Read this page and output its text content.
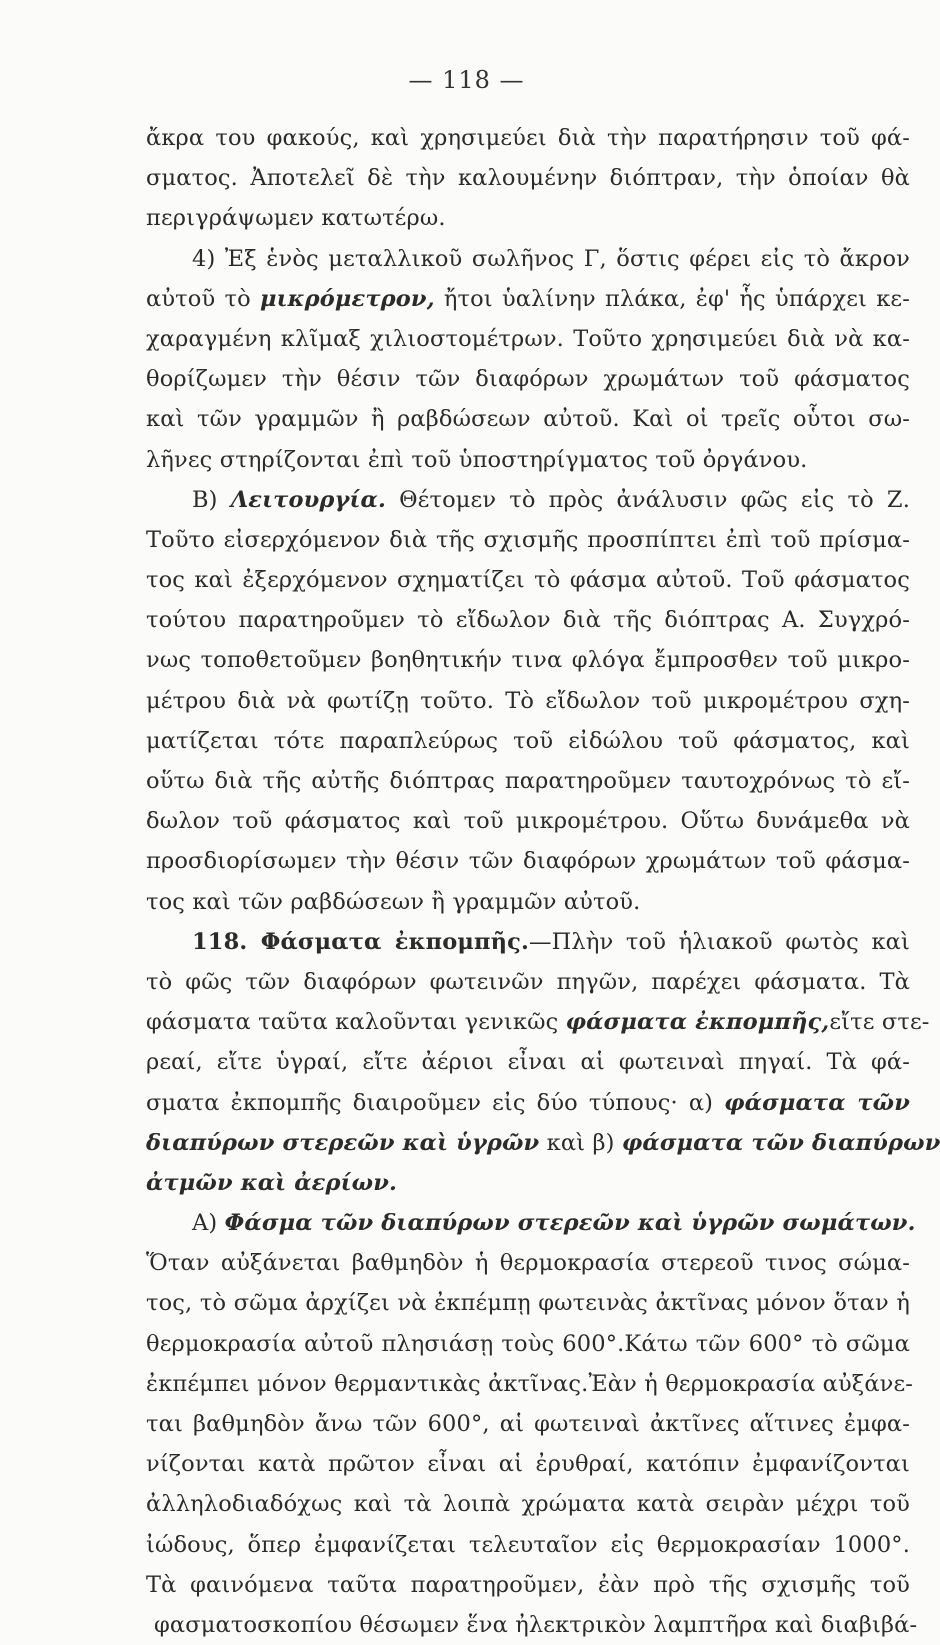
— 118 —
ἄκρα του φακούς, καὶ χρησιμεύει διὰ τὴν παρατήρησιν τοῦ φά-
σματος. Ἀποτελεῖ δὲ τὴν καλουμένην διόπτραν, τὴν ὁποίαν θὰ
περιγράψωμεν κατωτέρω.
4) Ἐξ ἑνὸς μεταλλικοῦ σωλῆνος Γ, ὅστις φέρει εἰς τὸ ἄκρον
αὐτοῦ τὸ μικρόμετρον, ἤτοι ὑαλίνην πλάκα, ἐφ' ἧς ὑπάρχει κε-
χαραγμένη κλῖμαξ χιλιοστομέτρων. Τοῦτο χρησιμεύει διὰ νὰ κα-
θορίζωμεν τὴν θέσιν τῶν διαφόρων χρωμάτων τοῦ φάσματος
καὶ τῶν γραμμῶν ἢ ραβδώσεων αὐτοῦ. Καὶ οἱ τρεῖς οὗτοι σω-
λῆνες στηρίζονται ἐπὶ τοῦ ὑποστηρίγματος τοῦ ὀργάνου.
B) Λειτουργία. Θέτομεν τὸ πρὸς ἀνάλυσιν φῶς εἰς τὸ Ζ.
Τοῦτο εἰσερχόμενον διὰ τῆς σχισμῆς προσπίπτει ἐπὶ τοῦ πρίσμα-
τος καὶ ἐξερχόμενον σχηματίζει τὸ φάσμα αὐτοῦ. Τοῦ φάσματος
τούτου παρατηροῦμεν τὸ εἴδωλον διὰ τῆς διόπτρας Α. Συγχρό-
νως τοποθετοῦμεν βοηθητικήν τινα φλόγα ἔμπροσθεν τοῦ μικρο-
μέτρου διὰ νὰ φωτίζῃ τοῦτο. Τὸ εἴδωλον τοῦ μικρομέτρου σχη-
ματίζεται τότε παραπλεύρως τοῦ εἰδώλου τοῦ φάσματος, καὶ
οὕτω διὰ τῆς αὐτῆς διόπτρας παρατηροῦμεν ταυτοχρόνως τὸ εἴ-
δωλον τοῦ φάσματος καὶ τοῦ μικρομέτρου. Οὕτω δυνάμεθα νὰ
προσδιορίσωμεν τὴν θέσιν τῶν διαφόρων χρωμάτων τοῦ φάσμα-
τος καὶ τῶν ραβδώσεων ἢ γραμμῶν αὐτοῦ.
118. Φάσματα ἐκπομπῆς.—Πλὴν τοῦ ἡλιακοῦ φωτὸς καὶ
τὸ φῶς τῶν διαφόρων φωτεινῶν πηγῶν, παρέχει φάσματα. Τὰ
φάσματα ταῦτα καλοῦνται γενικῶς φάσματα ἐκπομπῆς,εἴτε στε-
ρεαί, εἴτε ὑγραί, εἴτε ἀέριοι εἶναι αἱ φωτειναὶ πηγαί. Τὰ φά-
σματα ἐκπομπῆς διαιροῦμεν εἰς δύο τύπους· α) φάσματα τῶν
διαπύρων στερεῶν καὶ ὑγρῶν καὶ β) φάσματα τῶν διαπύρων
ἀτμῶν καὶ ἀερίων.
A) Φάσμα τῶν διαπύρων στερεῶν καὶ ὑγρῶν σωμάτων.
Ὅταν αὐξάνεται βαθμηδὸν ἡ θερμοκρασία στερεοῦ τινος σώμα-
τος, τὸ σῶμα ἀρχίζει νὰ ἐκπέμπῃ φωτεινὰς ἀκτῖνας μόνον ὅταν ἡ
θερμοκρασία αὐτοῦ πλησιάσῃ τοὺς 600°.Κάτω τῶν 600° τὸ σῶμα
ἐκπέμπει μόνον θερμαντικὰς ἀκτῖνας.Ἐὰν ἡ θερμοκρασία αὐξάνε-
ται βαθμηδὸν ἄνω τῶν 600°, αἱ φωτειναὶ ἀκτῖνες αἵτινες ἐμφα-
νίζονται κατὰ πρῶτον εἶναι αἱ ἐρυθραί, κατόπιν ἐμφανίζονται
ἀλληλοδιαδόχως καὶ τὰ λοιπὰ χρώματα κατὰ σειρὰν μέχρι τοῦ
ἰώδους, ὅπερ ἐμφανίζεται τελευταῖον εἰς θερμοκρασίαν 1000°.
Τὰ φαινόμενα ταῦτα παρατηροῦμεν, ἐὰν πρὸ τῆς σχισμῆς τοῦ
φασματοσκοπίου θέσωμεν ἕνα ἠλεκτρικὸν λαμπτῆρα καὶ διαβιβά-
